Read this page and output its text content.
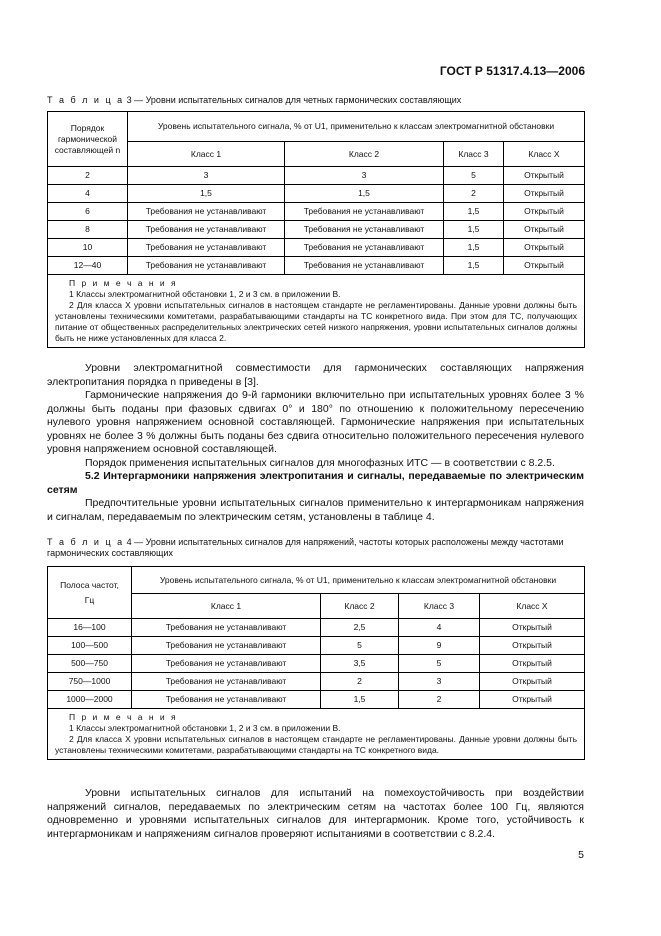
ГОСТ Р 51317.4.13—2006
Т а б л и ц а 3 — Уровни испытательных сигналов для четных гармонических составляющих
Порядок
гармонической
составляющей n	Уровень испытательного сигнала, % от U1, применительно к классам электромагнитной обстановки			
	Класс 1	Класс 2	Класс 3	Класс X
2	3	3	5	Открытый
4	1,5	1,5	2	Открытый
6	Требования не устанавливают	Требования не устанавливают	1,5	Открытый
8	Требования не устанавливают	Требования не устанавливают	1,5	Открытый
10	Требования не устанавливают	Требования не устанавливают	1,5	Открытый
12—40	Требования не устанавливают	Требования не устанавливают	1,5	Открытый

П р и м е ч а н и я
1 Классы электромагнитной обстановки 1, 2 и 3 см. в приложении В.
2 Для класса X уровни испытательных сигналов в настоящем стандарте не регламентированы. Данные уровни должны быть установлены техническими комитетами, разрабатывающими стандарты на ТС конкретного вида. При этом для ТС, получающих питание от общественных распределительных электрических сетей низкого напряжения, уровни испытательных сигналов должны быть не ниже установленных для класса 2.				

Уровни электромагнитной совместимости для гармонических составляющих напряжения электропитания порядка n приведены в [3].

Гармонические напряжения до 9-й гармоники включительно при испытательных уровнях более 3 % должны быть поданы при фазовых сдвигах 0° и 180° по отношению к положительному пересечению нулевого уровня напряжением основной составляющей. Гармонические напряжения при испытательных уровнях не более 3 % должны быть поданы без сдвига относительно положительного пересечения нулевого уровня напряжением основной составляющей.

Порядок применения испытательных сигналов для многофазных ИТС — в соответствии с 8.2.5.

5.2 Интергармоники напряжения электропитания и сигналы, передаваемые по электрическим сетям

Предпочтительные уровни испытательных сигналов применительно к интергармоникам напряжения и сигналам, передаваемым по электрическим сетям, установлены в таблице 4.

Т а б л и ц а 4 — Уровни испытательных сигналов для напряжений, частоты которых расположены между частотами гармонических составляющих
Полоса частот,
Гц	Уровень испытательного сигнала, % от U1, применительно к классам электромагнитной обстановки			
	Класс 1	Класс 2	Класс 3	Класс X
16—100	Требования не устанавливают	2,5	4	Открытый
100—500	Требования не устанавливают	5	9	Открытый
500—750	Требования не устанавливают	3,5	5	Открытый
750—1000	Требования не устанавливают	2	3	Открытый
1000—2000	Требования не устанавливают	1,5	2	Открытый

П р и м е ч а н и я
1 Классы электромагнитной обстановки 1, 2 и 3 см. в приложении В.
2 Для класса X уровни испытательных сигналов в настоящем стандарте не регламентированы. Данные уровни должны быть установлены техническими комитетами, разрабатывающими стандарты на ТС конкретного вида.				

Уровни испытательных сигналов для испытаний на помехоустойчивость при воздействии напряжений сигналов, передаваемых по электрическим сетям на частотах более 100 Гц, являются одновременно и уровнями испытательных сигналов для интергармоник. Кроме того, устойчивость к интергармоникам и напряжениям сигналов проверяют испытаниями в соответствии с 8.2.4.

5
